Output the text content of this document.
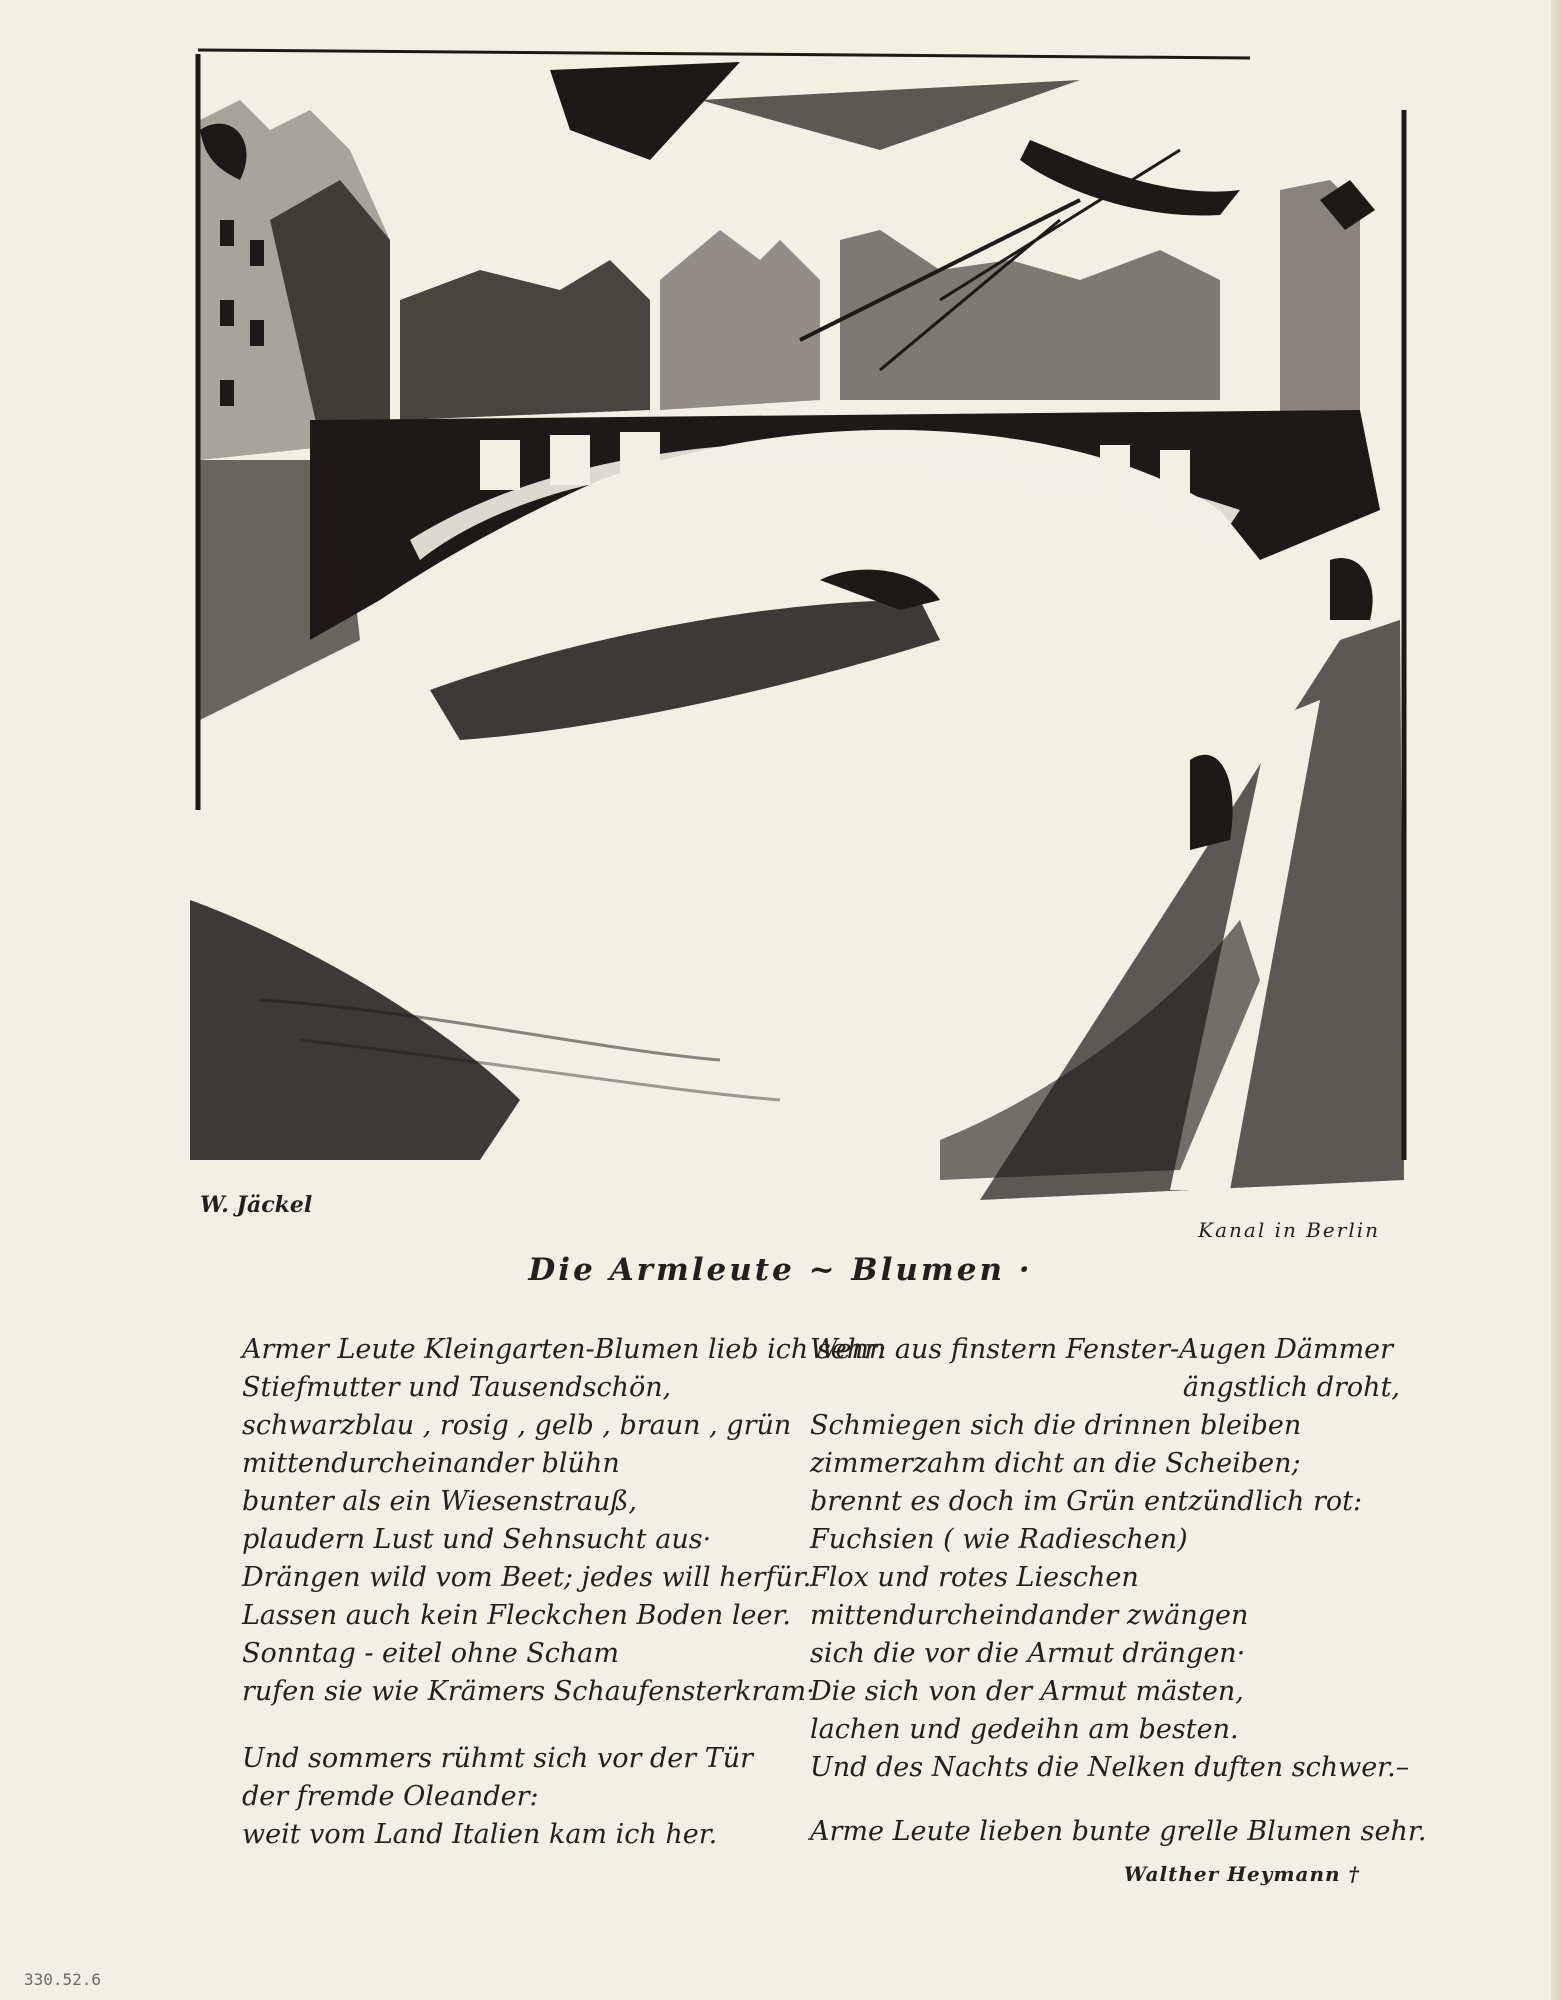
W. Jäckel
Kanal in Berlin
Die Armleute ~ Blumen ·
Armer Leute Kleingarten-Blumen lieb ich sehr:
Stiefmutter und Tausendschön,
schwarzblau , rosig , gelb , braun , grün
mittendurcheinander blühn
bunter als ein Wiesenstrauß,
plaudern Lust und Sehnsucht aus·
Drängen wild vom Beet; jedes will herfür.
Lassen auch kein Fleckchen Boden leer.
Sonntag - eitel ohne Scham
rufen sie wie Krämers Schaufensterkram·
Und sommers rühmt sich vor der Tür
der fremde Oleander:
weit vom Land Italien kam ich her.
Wenn aus finstern Fenster-Augen Dämmer
ängstlich droht,
Schmiegen sich die drinnen bleiben
zimmerzahm dicht an die Scheiben;
brennt es doch im Grün entzündlich rot:
Fuchsien ( wie Radieschen)
Flox und rotes Lieschen
mittendurcheindander zwängen
sich die vor die Armut drängen·
Die sich von der Armut mästen,
lachen und gedeihn am besten.
Und des Nachts die Nelken duften schwer.–
Arme Leute lieben bunte grelle Blumen sehr.
Walther Heymann †
330.52.6
